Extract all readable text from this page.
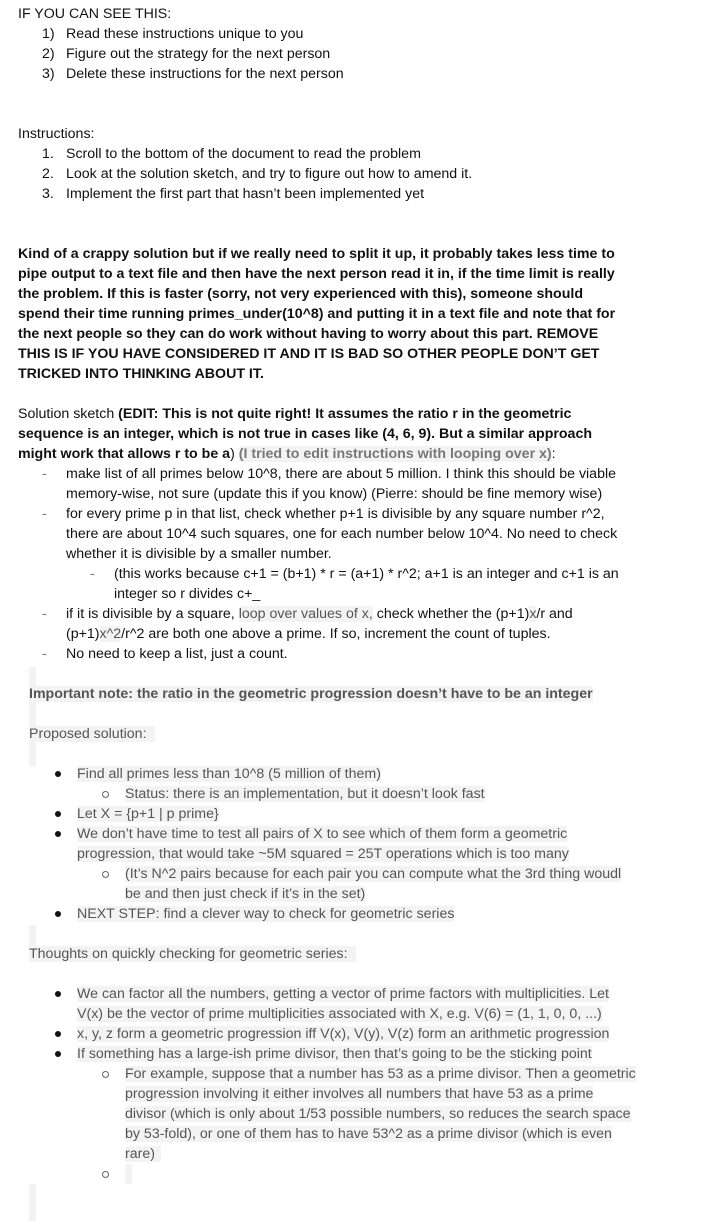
IF YOU CAN SEE THIS:
1) Read these instructions unique to you
2) Figure out the strategy for the next person
3) Delete these instructions for the next person
Instructions:
1. Scroll to the bottom of the document to read the problem
2. Look at the solution sketch, and try to figure out how to amend it.
3. Implement the first part that hasn’t been implemented yet
Kind of a crappy solution but if we really need to split it up, it probably takes less time to
pipe output to a text file and then have the next person read it in, if the time limit is really
the problem. If this is faster (sorry, not very experienced with this), someone should
spend their time running primes_under(10^8) and putting it in a text file and note that for
the next people so they can do work without having to worry about this part. REMOVE
THIS IS IF YOU HAVE CONSIDERED IT AND IT IS BAD SO OTHER PEOPLE DON’T GET
TRICKED INTO THINKING ABOUT IT.
Solution sketch (EDIT: This is not quite right! It assumes the ratio r in the geometric
sequence is an integer, which is not true in cases like (4, 6, 9). But a similar approach
might work that allows r to be a) (I tried to edit instructions with looping over x):
- make list of all primes below 10^8, there are about 5 million. I think this should be viable
memory-wise, not sure (update this if you know) (Pierre: should be fine memory wise)
- for every prime p in that list, check whether p+1 is divisible by any square number r^2,
there are about 10^4 such squares, one for each number below 10^4. No need to check
whether it is divisible by a smaller number.
- (this works because c+1 = (b+1) * r = (a+1) * r^2; a+1 is an integer and c+1 is an
integer so r divides c+_
- if it is divisible by a square, loop over values of x, check whether the (p+1)x/r and
(p+1)x^2/r^2 are both one above a prime. If so, increment the count of tuples.
- No need to keep a list, just a count.
Important note: the ratio in the geometric progression doesn’t have to be an integer
Proposed solution:
Find all primes less than 10^8 (5 million of them)
Status: there is an implementation, but it doesn’t look fast
Let X = {p+1 | p prime}
We don’t have time to test all pairs of X to see which of them form a geometric
progression, that would take ~5M squared = 25T operations which is too many
(It’s N^2 pairs because for each pair you can compute what the 3rd thing woudl
be and then just check if it’s in the set)
NEXT STEP: find a clever way to check for geometric series
Thoughts on quickly checking for geometric series:
We can factor all the numbers, getting a vector of prime factors with multiplicities. Let
V(x) be the vector of prime multiplicities associated with X, e.g. V(6) = (1, 1, 0, 0, ...)
x, y, z form a geometric progression iff V(x), V(y), V(z) form an arithmetic progression
If something has a large-ish prime divisor, then that’s going to be the sticking point
For example, suppose that a number has 53 as a prime divisor. Then a geometric
progression involving it either involves all numbers that have 53 as a prime
divisor (which is only about 1/53 possible numbers, so reduces the search space
by 53-fold), or one of them has to have 53^2 as a prime divisor (which is even
rare)
